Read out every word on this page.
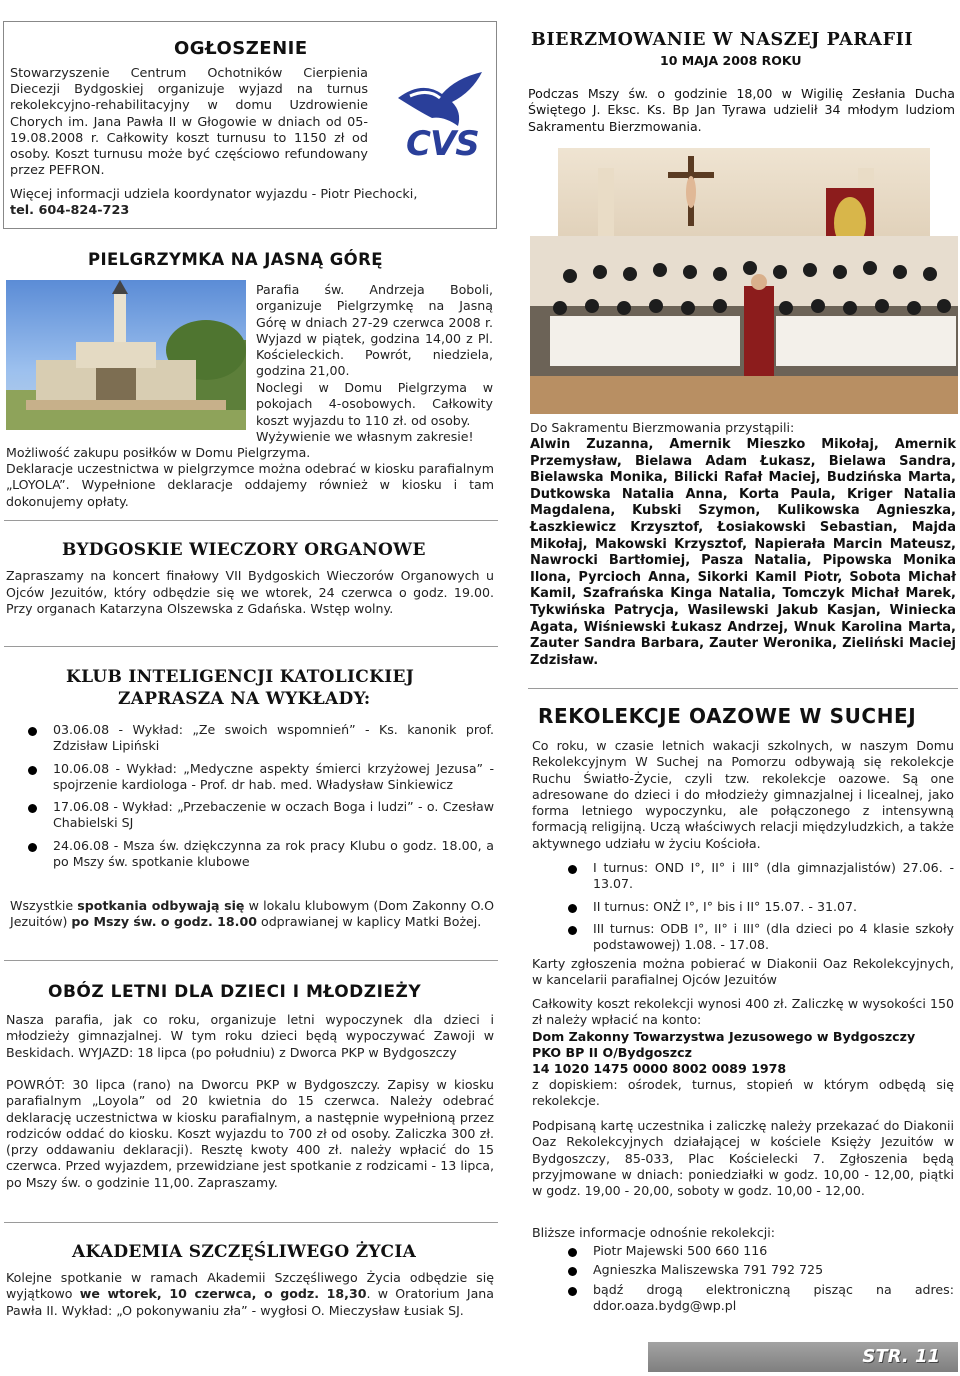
OGŁOSZENIE

Stowarzyszenie Centrum Ochotników Cierpienia Diecezji Bydgoskiej organizuje wyjazd na turnus rekolekcyjno-rehabilitacyjny w domu Uzdrowienie Chorych im. Jana Pawła II w Głogowie w dniach od 05-19.08.2008 r. Całkowity koszt turnusu to 1150 zł od osoby. Koszt turnusu może być częściowo refundowany przez PEFRON.

CVS

Więcej informacji udziela koordynator wyjazdu - Piotr Piechocki,

tel. 604-824-723

BIERZMOWANIE W NASZEJ PARAFII
10 MAJA 2008 ROKU

Podczas Mszy św. o godzinie 18,00 w Wigilię Zesłania Ducha Świętego J. Eksc. Ks. Bp Jan Tyrawa udzielił 34 młodym ludziom Sakramentu Bierzmowania.

PIELGRZYMKA NA JASNĄ GÓRĘ

Parafia św. Andrzeja Boboli, organizuje Pielgrzymkę na Jasną Górę w dniach 27-29 czerwca 2008 r. Wyjazd w piątek, godzina 14,00 z Pl. Kościeleckich. Powrót, niedziela, godzina 21,00.

Noclegi w Domu Pielgrzyma w pokojach 4-osobowych. Całkowity koszt wyjazdu to 110 zł. od osoby.

Wyżywienie we własnym zakresie!

Możliwość zakupu posiłków w Domu Pielgrzyma.

Deklaracje uczestnictwa w pielgrzymce można odebrać w kiosku parafialnym „LOYOLA”. Wypełnione deklaracje oddajemy również w kiosku i tam dokonujemy opłaty.

BYDGOSKIE WIECZORY ORGANOWE

Zapraszamy na koncert finałowy VII Bydgoskich Wieczorów Organowych u Ojców Jezuitów, który odbędzie się we wtorek, 24 czerwca o godz. 19.00. Przy organach Katarzyna Olszewska z Gdańska. Wstęp wolny.

KLUB INTELIGENCJI KATOLICKIEJ
ZAPRASZA NA WYKŁADY:
03.06.08 - Wykład: „Ze swoich wspomnień” - Ks. kanonik prof. Zdzisław Lipiński
10.06.08 - Wykład: „Medyczne aspekty śmierci krzyżowej Jezusa” - spojrzenie kardiologa - Prof. dr hab. med. Władysław Sinkiewicz
17.06.08 - Wykład: „Przebaczenie w oczach Boga i ludzi” - o. Czesław Chabielski SJ
24.06.08 - Msza św. dziękczynna za rok pracy Klubu o godz. 18.00, a po Mszy św. spotkanie klubowe

Wszystkie spotkania odbywają się w lokalu klubowym (Dom Zakonny O.O Jezuitów) po Mszy św. o godz. 18.00 odprawianej w kaplicy Matki Bożej.

OBÓZ LETNI DLA DZIECI I MŁODZIEŻY

Nasza parafia, jak co roku, organizuje letni wypoczynek dla dzieci i młodzieży gimnazjalnej. W tym roku dzieci będą wypoczywać Zawoji w Beskidach. WYJAZD: 18 lipca (po południu) z Dworca PKP w Bydgoszczy

POWRÓT: 30 lipca (rano) na Dworcu PKP w Bydgoszczy. Zapisy w kiosku parafialnym „Loyola” od 20 kwietnia do 15 czerwca. Należy odebrać deklarację uczestnictwa w kiosku parafialnym, a następnie wypełnioną przez rodziców oddać do kiosku. Koszt wyjazdu to 700 zł od osoby. Zaliczka 300 zł. (przy oddawaniu deklaracji). Resztę kwoty 400 zł. należy wpłacić do 15 czerwca. Przed wyjazdem, przewidziane jest spotkanie z rodzicami - 13 lipca, po Mszy św. o godzinie 11,00. Zapraszamy.

AKADEMIA SZCZĘŚLIWEGO ŻYCIA

Kolejne spotkanie w ramach Akademii Szczęśliwego Życia odbędzie się wyjątkowo we wtorek, 10 czerwca, o godz. 18,30. w Oratorium Jana Pawła II. Wykład: „O pokonywaniu zła” - wygłosi O. Mieczysław Łusiak SJ.

Do Sakramentu Bierzmowania przystąpili:

Alwin Zuzanna, Amernik Mieszko Mikołaj, Amernik Przemysław, Bielawa Adam Łukasz, Bielawa Sandra, Bielawska Monika, Bilicki Rafał Maciej, Budzińska Marta, Dutkowska Natalia Anna, Korta Paula, Kriger Natalia Magdalena, Kubski Szymon, Kulikowska Agnieszka, Łaszkiewicz Krzysztof, Łosiakowski Sebastian, Majda Mikołaj, Makowski Krzysztof, Napierała Marcin Mateusz, Nawrocki Bartłomiej, Pasza Natalia, Pipowska Monika Ilona, Pyrcioch Anna, Sikorki Kamil Piotr, Sobota Michał Kamil, Szafrańska Kinga Natalia, Tomczyk Michał Marek, Tykwińska Patrycja, Wasilewski Jakub Kasjan, Winiecka Agata, Wiśniewski Łukasz Andrzej, Wnuk Karolina Marta, Zauter Sandra Barbara, Zauter Weronika, Zieliński Maciej Zdzisław.

REKOLEKCJE OAZOWE W SUCHEJ

Co roku, w czasie letnich wakacji szkolnych, w naszym Domu Rekolekcyjnym W Suchej na Pomorzu odbywają się rekolekcje Ruchu Światło-Życie, czyli tzw. rekolekcje oazowe. Są one adresowane do dzieci i do młodzieży gimnazjalnej i licealnej, jako forma letniego wypoczynku, ale połączonego z intensywną formacją religijną. Uczą właściwych relacji międzyludzkich, a także aktywnego udziału w życiu Kościoła.

I turnus: OND I°, II° i III° (dla gimnazjalistów) 27.06. - 13.07.
II turnus: ONŻ I°, I° bis i II° 15.07. - 31.07.
III turnus: ODB I°, II° i III° (dla dzieci po 4 klasie szkoły podstawowej) 1.08. - 17.08.

Karty zgłoszenia można pobierać w Diakonii Oaz Rekolekcyjnych, w kancelarii parafialnej Ojców Jezuitów

Całkowity koszt rekolekcji wynosi 400 zł. Zaliczkę w wysokości 150 zł należy wpłacić na konto:

Dom Zakonny Towarzystwa Jezusowego w Bydgoszczy

PKO BP II O/Bydgoszcz

14 1020 1475 0000 8002 0089 1978

z dopiskiem: ośrodek, turnus, stopień w którym odbędą się rekolekcje.

Podpisaną kartę uczestnika i zaliczkę należy przekazać do Diakonii Oaz Rekolekcyjnych działającej w kościele Księży Jezuitów w Bydgoszczy, 85-033, Plac Kościelecki 7. Zgłoszenia będą przyjmowane w dniach: poniedziałki w godz. 10,00 - 12,00, piątki w godz. 19,00 - 20,00, soboty w godz. 10,00 - 12,00.

Bliższe informacje odnośnie rekolekcji:

Piotr Majewski 500 660 116
Agnieszka Maliszewska 791 792 725
bądź drogą elektroniczną pisząc na adres: ddor.oaza.bydg@wp.pl
STR. 11
